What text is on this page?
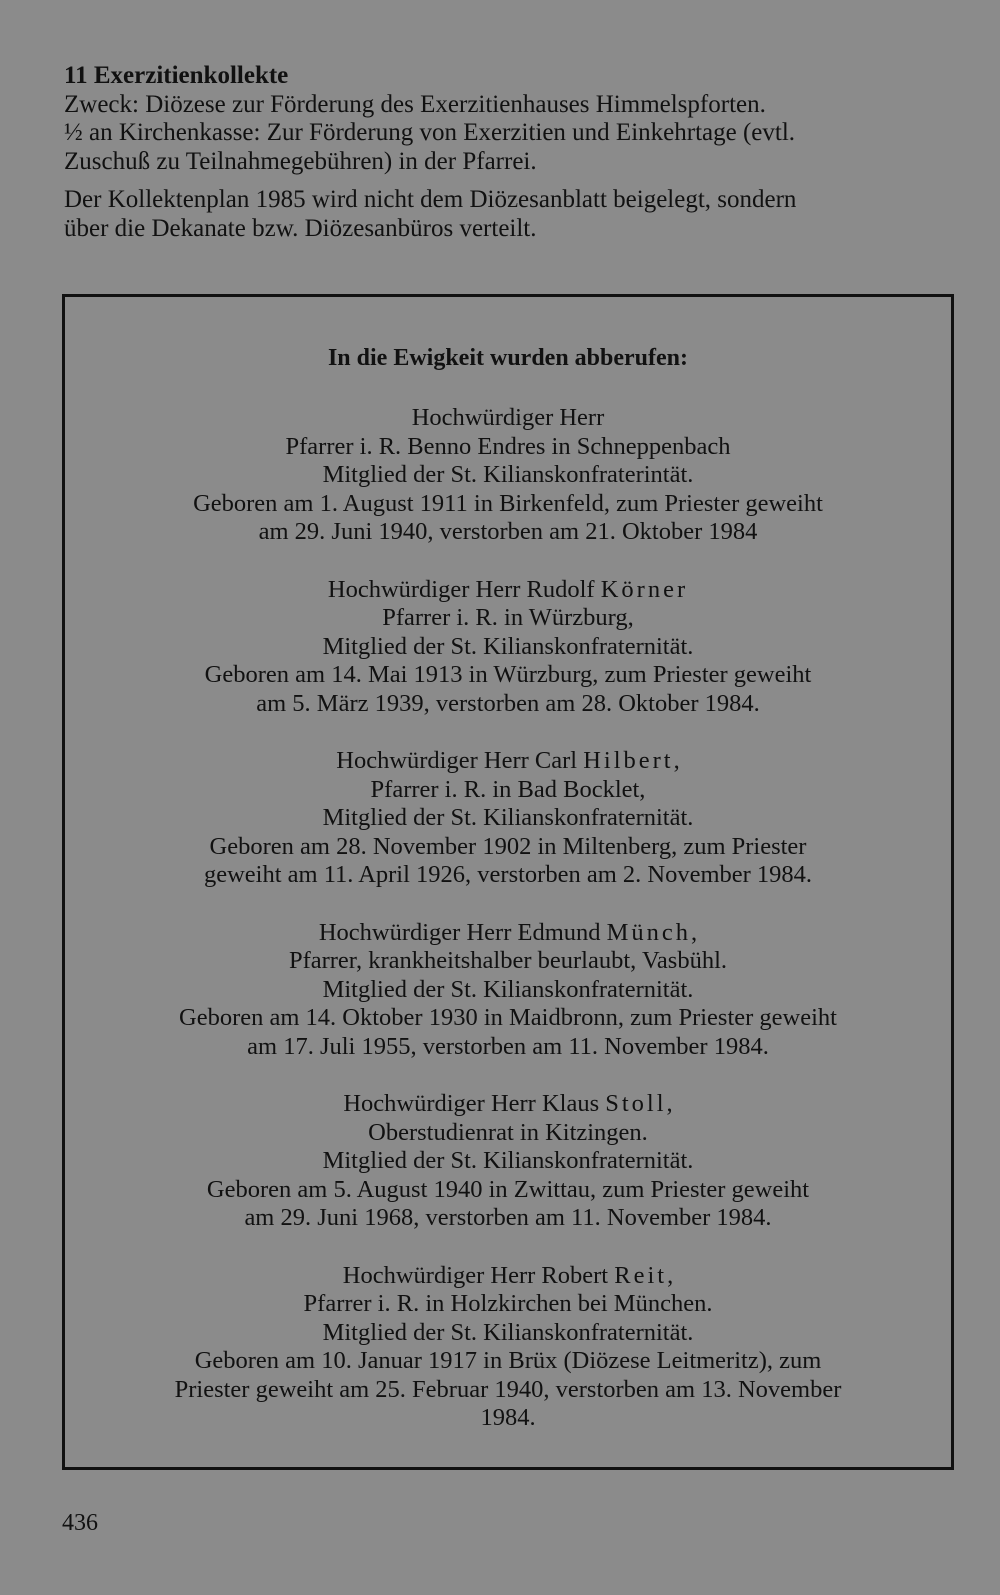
11 Exerzitienkollekte

Zweck: Diözese zur Förderung des Exerzitienhauses Himmelspforten.

½ an Kirchenkasse: Zur Förderung von Exerzitien und Einkehrtage (evtl.

Zuschuß zu Teilnahmegebühren) in der Pfarrei.

Der Kollektenplan 1985 wird nicht dem Diözesanblatt beigelegt, sondern

über die Dekanate bzw. Diözesanbüros verteilt.

In die Ewigkeit wurden abberufen:
Hochwürdiger Herr
Pfarrer i. R. Benno Endres in Schneppenbach
Mitglied der St. Kilianskonfraterintät.
Geboren am 1. August 1911 in Birkenfeld, zum Priester geweiht
am 29. Juni 1940, verstorben am 21. Oktober 1984
Hochwürdiger Herr Rudolf Körner
Pfarrer i. R. in Würzburg,
Mitglied der St. Kilianskonfraternität.
Geboren am 14. Mai 1913 in Würzburg, zum Priester geweiht
am 5. März 1939, verstorben am 28. Oktober 1984.
Hochwürdiger Herr Carl Hilbert,
Pfarrer i. R. in Bad Bocklet,
Mitglied der St. Kilianskonfraternität.
Geboren am 28. November 1902 in Miltenberg, zum Priester
geweiht am 11. April 1926, verstorben am 2. November 1984.
Hochwürdiger Herr Edmund Münch,
Pfarrer, krankheitshalber beurlaubt, Vasbühl.
Mitglied der St. Kilianskonfraternität.
Geboren am 14. Oktober 1930 in Maidbronn, zum Priester geweiht
am 17. Juli 1955, verstorben am 11. November 1984.
Hochwürdiger Herr Klaus Stoll,
Oberstudienrat in Kitzingen.
Mitglied der St. Kilianskonfraternität.
Geboren am 5. August 1940 in Zwittau, zum Priester geweiht
am 29. Juni 1968, verstorben am 11. November 1984.
Hochwürdiger Herr Robert Reit,
Pfarrer i. R. in Holzkirchen bei München.
Mitglied der St. Kilianskonfraternität.
Geboren am 10. Januar 1917 in Brüx (Diözese Leitmeritz), zum
Priester geweiht am 25. Februar 1940, verstorben am 13. November
1984.
436
